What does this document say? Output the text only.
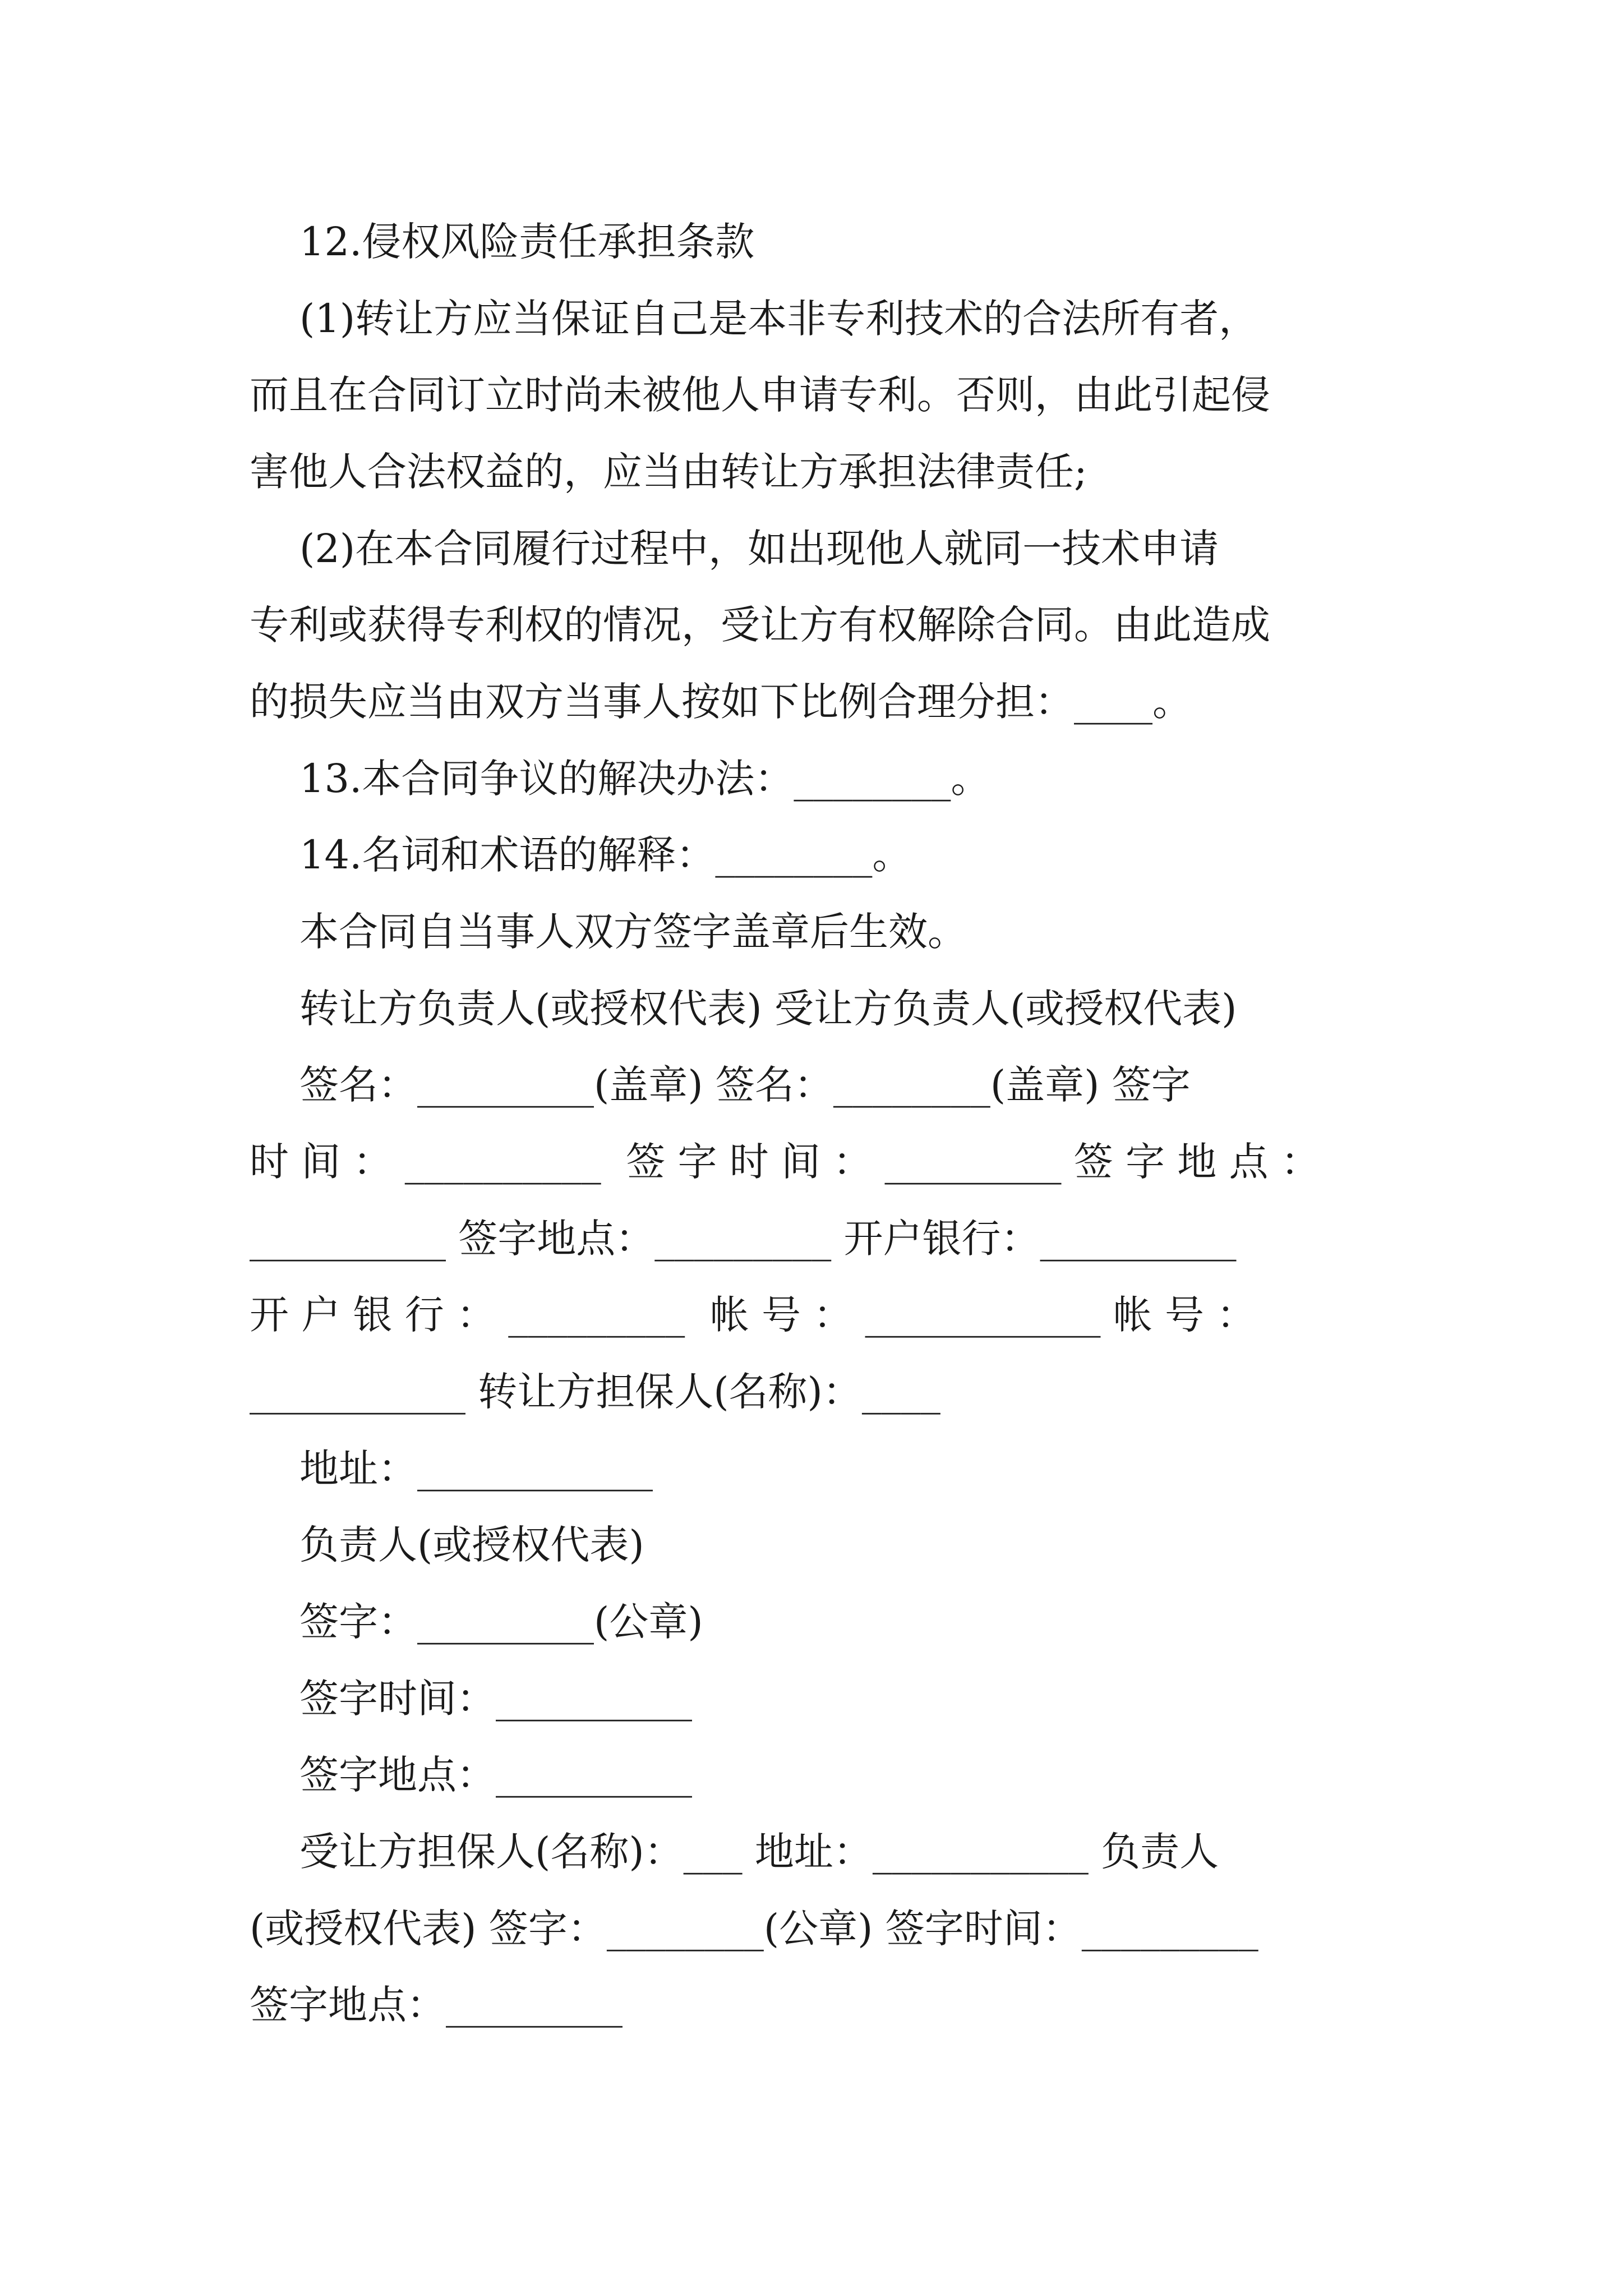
12.侵权风险责任承担条款
(1)转让方应当保证自己是本非专利技术的合法所有者，
而且在合同订立时尚未被他人申请专利。否则，由此引起侵
害他人合法权益的，应当由转让方承担法律责任;
(2)在本合同履行过程中，如出现他人就同一技术申请
专利或获得专利权的情况，受让方有权解除合同。由此造成
的损失应当由双方当事人按如下比例合理分担：____。
13.本合同争议的解决办法：________。
14.名词和术语的解释：________。
本合同自当事人双方签字盖章后生效。
转让方负责人(或授权代表) 受让方负责人(或授权代表)
签名：_________(盖章) 签名：________(盖章) 签字
时 间 ： __________  签 字 时 间 ： _________ 签 字 地 点 ：
__________ 签字地点：_________ 开户银行：__________
开 户 银 行 ： _________  帐 号 ： ____________ 帐 号 ：
___________ 转让方担保人(名称)：____
地址：____________
负责人(或授权代表)
签字：_________(公章)
签字时间：__________
签字地点：__________
受让方担保人(名称)：___ 地址：___________ 负责人
(或授权代表) 签字：________(公章) 签字时间：_________
签字地点：_________
